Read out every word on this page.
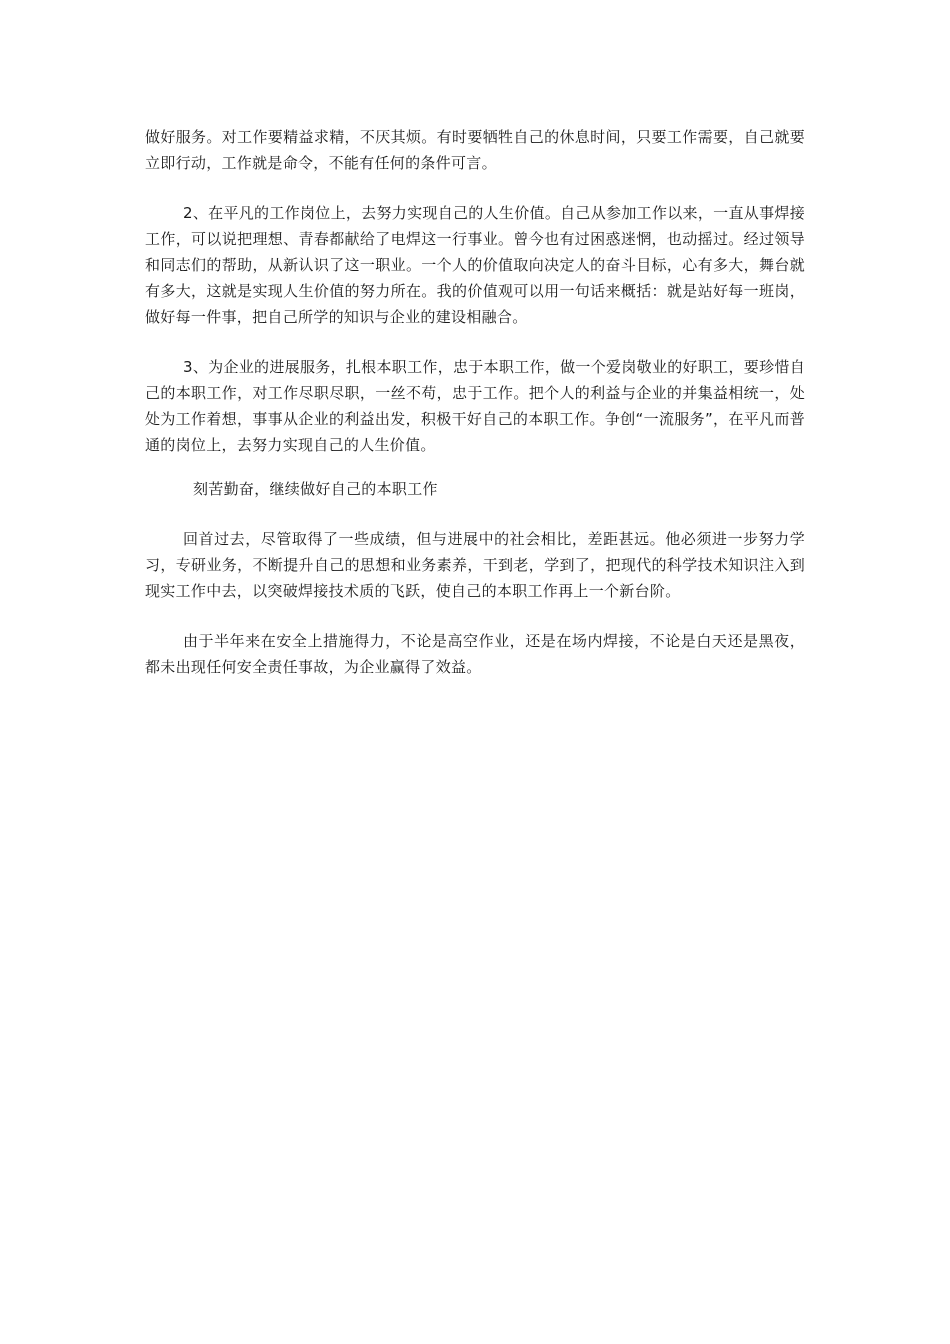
做好服务。对工作要精益求精，不厌其烦。有时要牺牲自己的休息时间，只要工作需要，自己就要立即行动，工作就是命令，不能有任何的条件可言。

2、在平凡的工作岗位上，去努力实现自己的人生价值。自己从参加工作以来，一直从事焊接工作，可以说把理想、青春都献给了电焊这一行事业。曾今也有过困惑迷惘，也动摇过。经过领导和同志们的帮助，从新认识了这一职业。一个人的价值取向决定人的奋斗目标，心有多大，舞台就有多大，这就是实现人生价值的努力所在。我的价值观可以用一句话来概括：就是站好每一班岗，做好每一件事，把自己所学的知识与企业的建设相融合。

3、为企业的进展服务，扎根本职工作，忠于本职工作，做一个爱岗敬业的好职工，要珍惜自己的本职工作，对工作尽职尽职，一丝不苟，忠于工作。把个人的利益与企业的并集益相统一，处处为工作着想，事事从企业的利益出发，积极干好自己的本职工作。争创“一流服务”，在平凡而普通的岗位上，去努力实现自己的人生价值。

刻苦勤奋，继续做好自己的本职工作

回首过去，尽管取得了一些成绩，但与进展中的社会相比，差距甚远。他必须进一步努力学习，专研业务，不断提升自己的思想和业务素养，干到老，学到了，把现代的科学技术知识注入到现实工作中去，以突破焊接技术质的飞跃，使自己的本职工作再上一个新台阶。

由于半年来在安全上措施得力，不论是高空作业，还是在场内焊接，不论是白天还是黑夜，都未出现任何安全责任事故，为企业赢得了效益。
